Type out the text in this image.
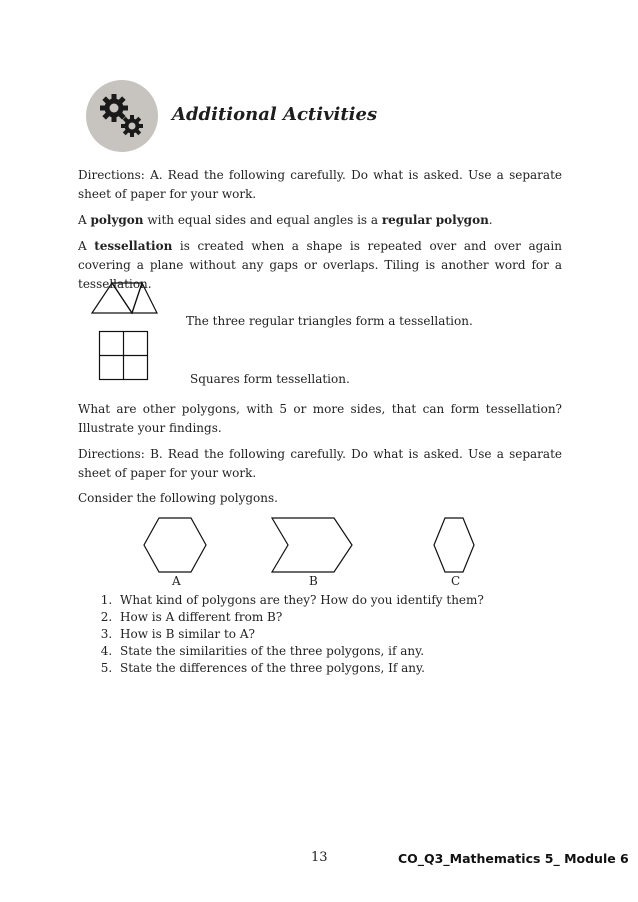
Additional Activities
Directions: A. Read the following carefully. Do what is asked. Use a separate sheet of paper for your work.
A polygon with equal sides and equal angles is a regular polygon.
A tessellation is created when a shape is repeated over and over again covering a plane without any gaps or overlaps. Tiling is another word for a tessellation.
The three regular triangles form a tessellation.
Squares form tessellation.
What are other polygons, with 5 or more sides, that can form tessellation? Illustrate your findings.
Directions: B. Read the following carefully. Do what is asked. Use a separate sheet of paper for your work.
Consider the following polygons.
A	B	C
1. What kind of polygons are they? How do you identify them?
2. How is A different from B?
3. How is B similar to A?
4. State the similarities of the three polygons, if any.
5. State the differences of the three polygons, If any.
13	CO_Q3_Mathematics 5_ Module 6
